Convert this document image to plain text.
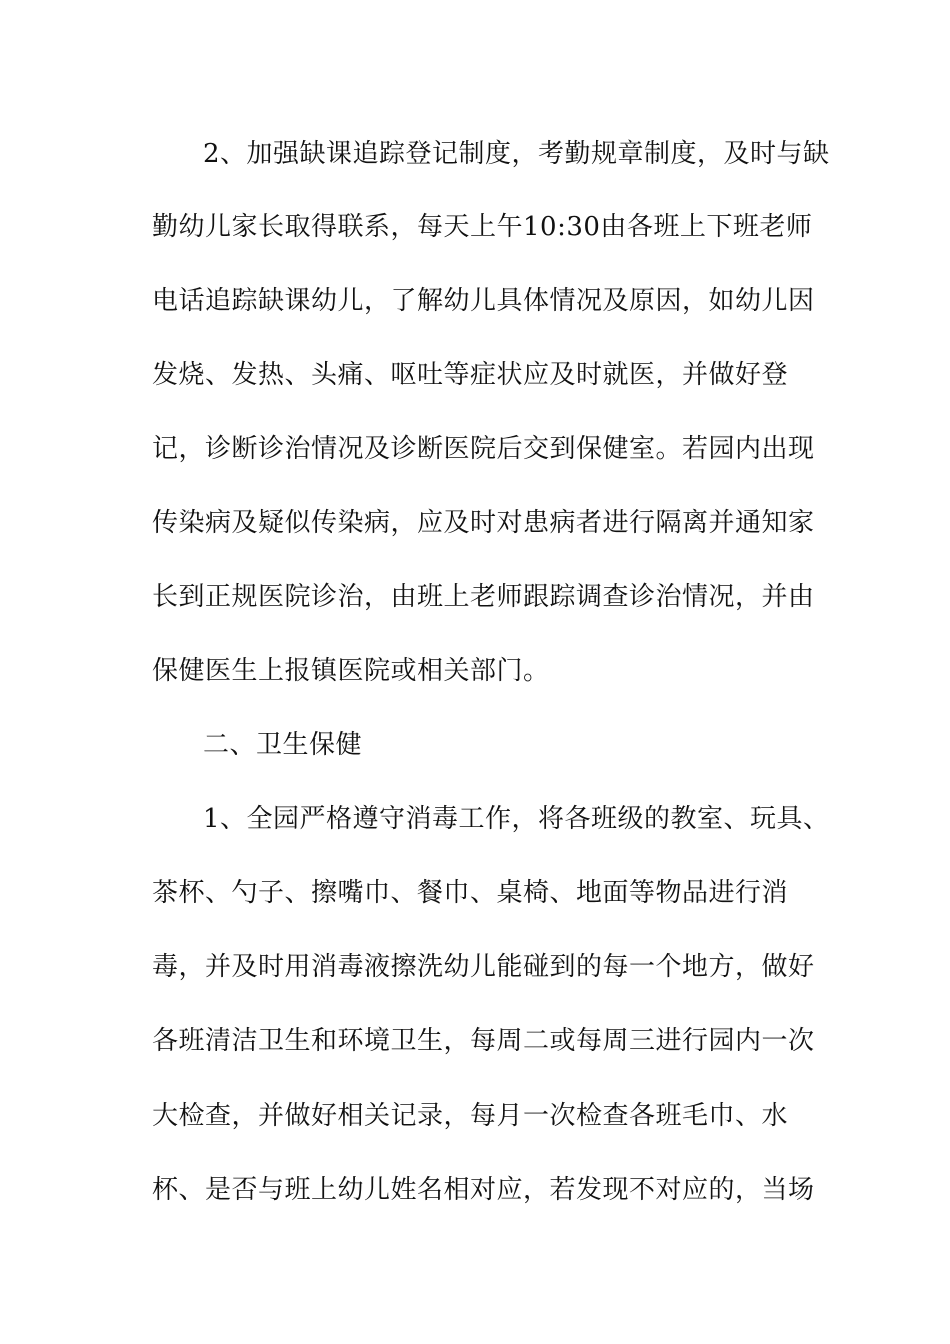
2、加强缺课追踪登记制度，考勤规章制度，及时与缺
勤幼儿家长取得联系，每天上午10:30由各班上下班老师
电话追踪缺课幼儿，了解幼儿具体情况及原因，如幼儿因
发烧、发热、头痛、呕吐等症状应及时就医，并做好登
记，诊断诊治情况及诊断医院后交到保健室。若园内出现
传染病及疑似传染病，应及时对患病者进行隔离并通知家
长到正规医院诊治，由班上老师跟踪调查诊治情况，并由
保健医生上报镇医院或相关部门。
二、卫生保健
1、全园严格遵守消毒工作，将各班级的教室、玩具、
茶杯、勺子、擦嘴巾、餐巾、桌椅、地面等物品进行消
毒，并及时用消毒液擦洗幼儿能碰到的每一个地方，做好
各班清洁卫生和环境卫生，每周二或每周三进行园内一次
大检查，并做好相关记录，每月一次检查各班毛巾、水
杯、是否与班上幼儿姓名相对应，若发现不对应的，当场
